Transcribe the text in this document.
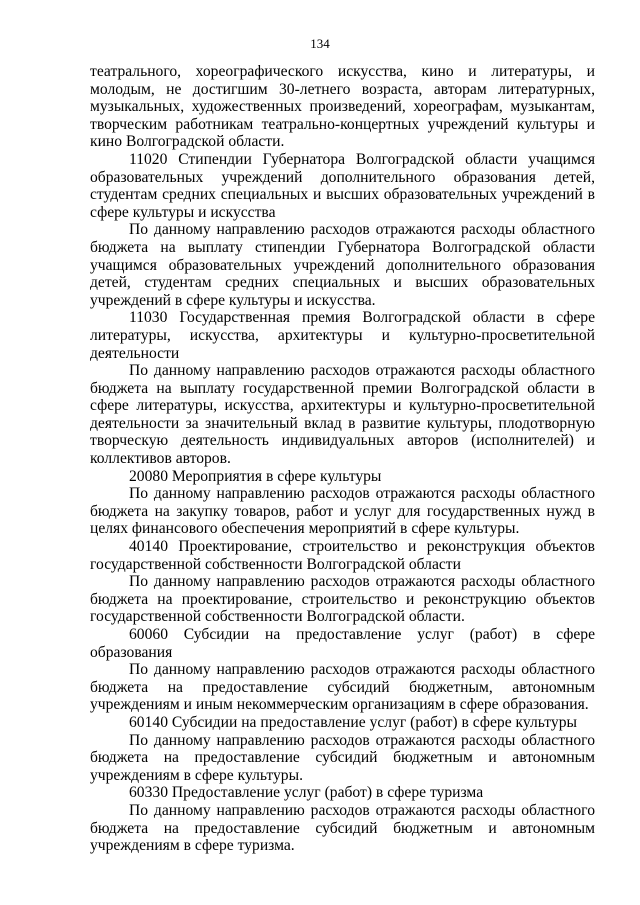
134

театрального, хореографического искусства, кино и литературы, и молодым, не достигшим 30-летнего возраста, авторам литературных, музыкальных, художественных произведений, хореографам, музыкантам, творческим работникам театрально-концертных учреждений культуры и кино Волгоградской области.

11020 Стипендии Губернатора Волгоградской области учащимся образовательных учреждений дополнительного образования детей, студентам средних специальных и высших образовательных учреждений в сфере культуры и искусства

По данному направлению расходов отражаются расходы областного бюджета на выплату стипендии Губернатора Волгоградской области учащимся образовательных учреждений дополнительного образования детей, студентам средних специальных и высших образовательных учреждений в сфере культуры и искусства.

11030 Государственная премия Волгоградской области в сфере литературы, искусства, архитектуры и культурно-просветительной деятельности

По данному направлению расходов отражаются расходы областного бюджета на выплату государственной премии Волгоградской области в сфере литературы, искусства, архитектуры и культурно-просветительной деятельности за значительный вклад в развитие культуры, плодотворную творческую деятельность индивидуальных авторов (исполнителей) и коллективов авторов.

20080 Мероприятия в сфере культуры

По данному направлению расходов отражаются расходы областного бюджета на закупку товаров, работ и услуг для государственных нужд в целях финансового обеспечения мероприятий в сфере культуры.

40140 Проектирование, строительство и реконструкция объектов государственной собственности Волгоградской области

По данному направлению расходов отражаются расходы областного бюджета на проектирование, строительство и реконструкцию объектов государственной собственности Волгоградской области.

60060 Субсидии на предоставление услуг (работ) в сфере образования

По данному направлению расходов отражаются расходы областного бюджета на предоставление субсидий бюджетным, автономным учреждениям и иным некоммерческим организациям в сфере образования.

60140 Субсидии на предоставление услуг (работ) в сфере культуры

По данному направлению расходов отражаются расходы областного бюджета на предоставление субсидий бюджетным и автономным учреждениям в сфере культуры.

60330 Предоставление услуг (работ) в сфере туризма

По данному направлению расходов отражаются расходы областного бюджета на предоставление субсидий бюджетным и автономным учреждениям в сфере туризма.
